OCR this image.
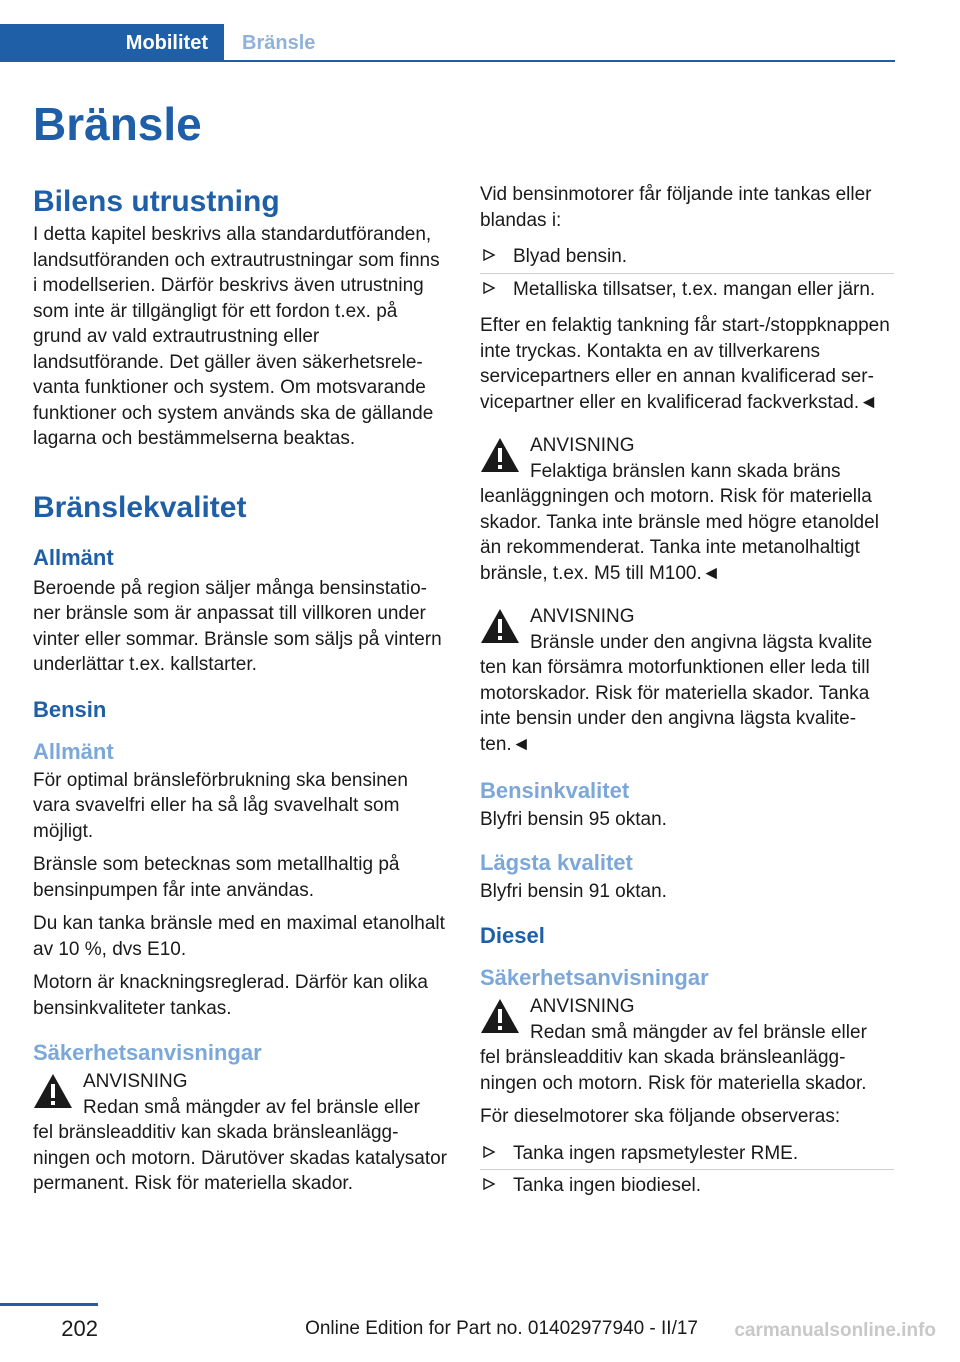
Mobilitet	Bränsle
Bränsle
Bilens utrustning

I detta kapitel beskrivs alla standardutföranden, landsutföranden och extrautrustningar som finns i modellserien. Därför beskrivs även utrustning som inte är tillgängligt för ett fordon t.ex. på grund av vald extrautrustning eller landsutförande. Det gäller även säkerhetsrelevanta funktioner och system. Om motsvarande funktioner och system används ska de gällande lagarna och bestämmelserna beaktas.

Bränslekvalitet
Allmänt

Beroende på region säljer många bensinstationer bränsle som är anpassat till villkoren under vinter eller sommar. Bränsle som säljs på vintern underlättar t.ex. kallstarter.

Bensin
Allmänt

För optimal bränsleförbrukning ska bensinen vara svavelfri eller ha så låg svavelhalt som möjligt.

Bränsle som betecknas som metallhaltig på bensinpumpen får inte användas.

Du kan tanka bränsle med en maximal etanolhalt av 10 %, dvs E10.

Motorn är knackningsreglerad. Därför kan olika bensinkvaliteter tankas.

Säkerhetsanvisningar
ANVISNING
Redan små mängder av fel bränsle eller
fel bränsleadditiv kan skada bränsleanläggningen och motorn. Därutöver skadas katalysator permanent. Risk för materiella skador.

Vid bensinmotorer får följande inte tankas eller blandas i:

Blyad bensin.
Metalliska tillsatser, t.ex. mangan eller järn.

Efter en felaktig tankning får start-/stoppknappen inte tryckas. Kontakta en av tillverkarens servicepartners eller en annan kvalificerad servicepartner eller en kvalificerad fackverkstad.◄

ANVISNING
Felaktiga bränslen kann skada bräns
leanläggningen och motorn. Risk för materiella skador. Tanka inte bränsle med högre etanoldel än rekommenderat. Tanka inte metanolhaltigt bränsle, t.ex. M5 till M100.◄
ANVISNING
Bränsle under den angivna lägsta kvalite
ten kan försämra motorfunktionen eller leda till motorskador. Risk för materiella skador. Tanka inte bensin under den angivna lägsta kvaliteten.◄
Bensinkvalitet

Blyfri bensin 95 oktan.

Lägsta kvalitet

Blyfri bensin 91 oktan.

Diesel
Säkerhetsanvisningar
ANVISNING
Redan små mängder av fel bränsle eller
fel bränsleadditiv kan skada bränsleanläggningen och motorn. Risk för materiella skador.

För dieselmotorer ska följande observeras:

Tanka ingen rapsmetylester RME.
Tanka ingen biodiesel.
202	Online Edition for Part no. 01402977940 - II/17 carmanualsonline.info
